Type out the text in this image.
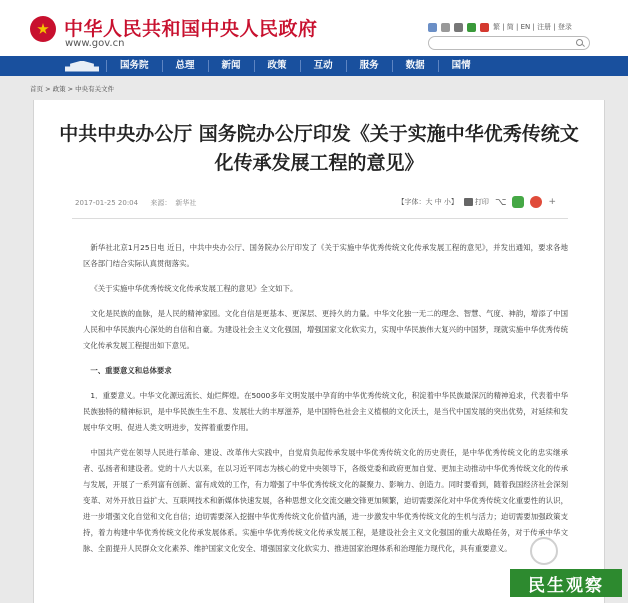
中华人民共和国中央人民政府
www.gov.cn
繁 | 简 | EN | 注册 | 登录
国务院	总理	新闻	政策	互动	服务	数据	国情
首页 > 政策 > 中央有关文件
中共中央办公厅 国务院办公厅印发《关于实施中华优秀传统文化传承发展工程的意见》
2017-01-25 20:04 来源： 新华社	【字体：大 中 小】 打印 ⌥	+

新华社北京1月25日电 近日，中共中央办公厅、国务院办公厅印发了《关于实施中华优秀传统文化传承发展工程的意见》，并发出通知，要求各地区各部门结合实际认真贯彻落实。

《关于实施中华优秀传统文化传承发展工程的意见》全文如下。

文化是民族的血脉，是人民的精神家园。文化自信是更基本、更深层、更持久的力量。中华文化独一无二的理念、智慧、气度、神韵，增添了中国人民和中华民族内心深处的自信和自豪。为建设社会主义文化强国，增强国家文化软实力，实现中华民族伟大复兴的中国梦，现就实施中华优秀传统文化传承发展工程提出如下意见。

一、重要意义和总体要求

1．重要意义。中华文化源远流长、灿烂辉煌。在5000多年文明发展中孕育的中华优秀传统文化，积淀着中华民族最深沉的精神追求，代表着中华民族独特的精神标识，是中华民族生生不息、发展壮大的丰厚滋养，是中国特色社会主义植根的文化沃土，是当代中国发展的突出优势，对延续和发展中华文明、促进人类文明进步，发挥着重要作用。

中国共产党在领导人民进行革命、建设、改革伟大实践中，自觉肩负起传承发展中华优秀传统文化的历史责任，是中华优秀传统文化的忠实继承者、弘扬者和建设者。党的十八大以来，在以习近平同志为核心的党中央领导下，各级党委和政府更加自觉、更加主动推动中华优秀传统文化的传承与发展，开展了一系列富有创新、富有成效的工作，有力增强了中华优秀传统文化的凝聚力、影响力、创造力。同时要看到，随着我国经济社会深刻变革、对外开放日益扩大、互联网技术和新媒体快速发展，各种思想文化交流交融交锋更加频繁，迫切需要深化对中华优秀传统文化重要性的认识，进一步增强文化自觉和文化自信；迫切需要深入挖掘中华优秀传统文化价值内涵，进一步激发中华优秀传统文化的生机与活力；迫切需要加强政策支持，着力构建中华优秀传统文化传承发展体系。实施中华优秀传统文化传承发展工程，是建设社会主义文化强国的重大战略任务，对于传承中华文脉、全面提升人民群众文化素养、维护国家文化安全、增强国家文化软实力、推进国家治理体系和治理能力现代化，具有重要意义。

民生观察
